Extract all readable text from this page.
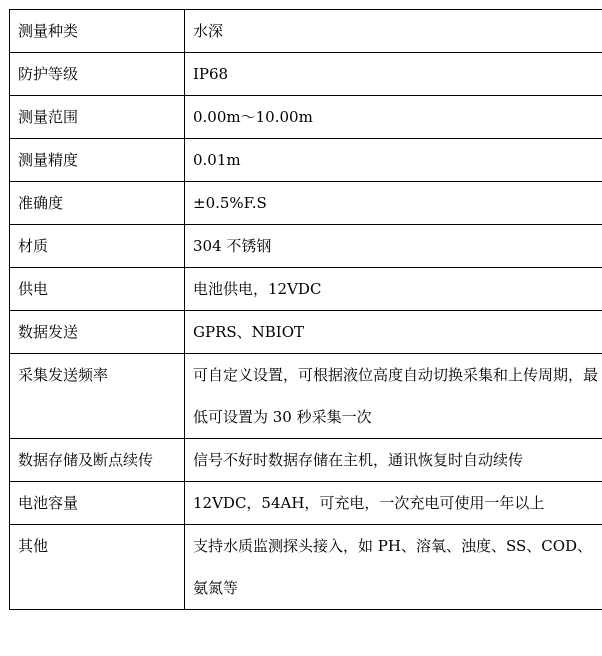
测量种类	水深
防护等级	IP68
测量范围	0.00m～10.00m
测量精度	0.01m
准确度	±0.5%F.S
材质	304 不锈钢
供电	电池供电，12VDC
数据发送	GPRS、NBIOT
采集发送频率	可自定义设置，可根据液位高度自动切换采集和上传周期，最低可设置为 30 秒采集一次
数据存储及断点续传	信号不好时数据存储在主机，通讯恢复时自动续传
电池容量	12VDC，54AH，可充电，一次充电可使用一年以上
其他	支持水质监测探头接入，如 PH、溶氧、浊度、SS、COD、氨氮等
